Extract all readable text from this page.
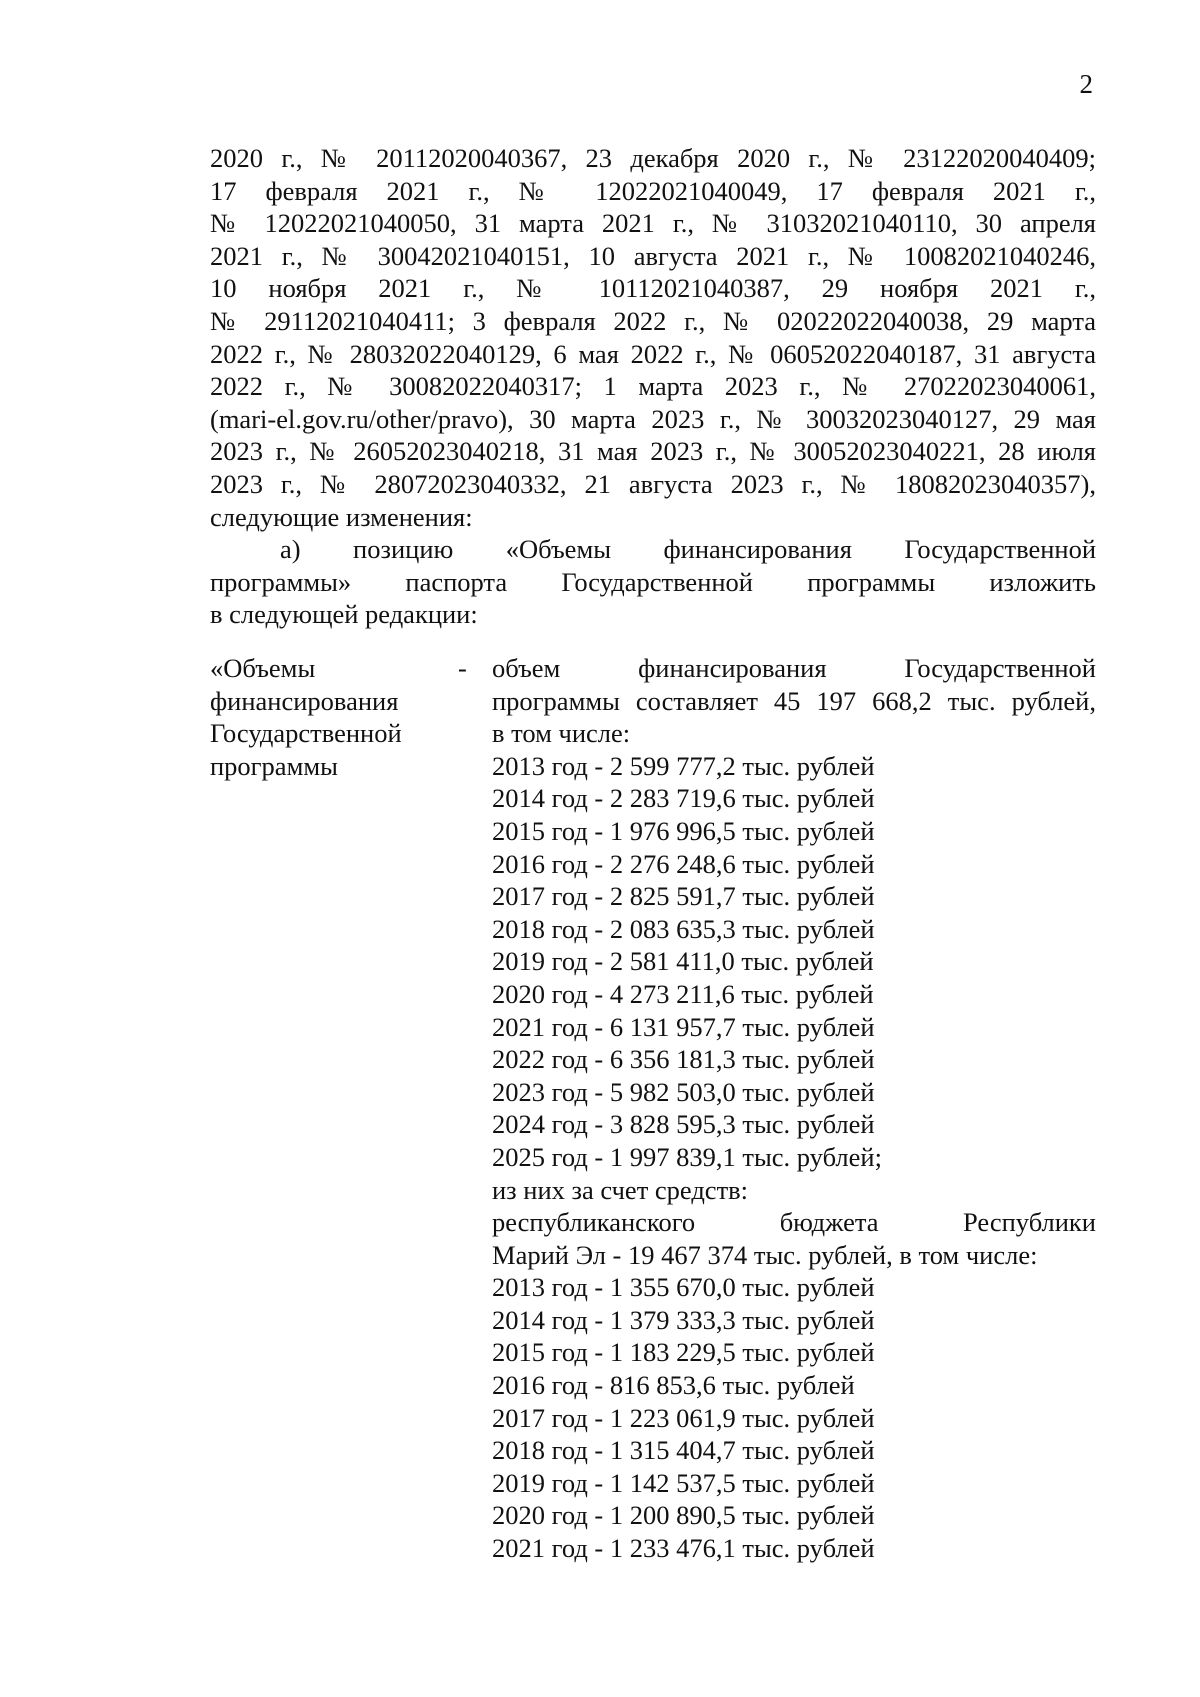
2
2020 г., № 20112020040367, 23 декабря 2020 г., № 23122020040409;
17 февраля 2021 г., № 12022021040049, 17 февраля 2021 г.,
№ 12022021040050, 31 марта 2021 г., № 31032021040110, 30 апреля
2021 г., № 30042021040151, 10 августа 2021 г., № 10082021040246,
10 ноября 2021 г., № 10112021040387, 29 ноября 2021 г.,
№ 29112021040411; 3 февраля 2022 г., № 02022022040038, 29 марта
2022 г., № 28032022040129, 6 мая 2022 г., № 06052022040187, 31 августа
2022 г., № 30082022040317; 1 марта 2023 г., № 27022023040061,
(mari-el.gov.ru/other/pravo), 30 марта 2023 г., № 30032023040127, 29 мая
2023 г., № 26052023040218, 31 мая 2023 г., № 30052023040221, 28 июля
2023 г., № 28072023040332, 21 августа 2023 г., № 18082023040357),
следующие изменения:
а) позицию «Объемы финансирования Государственной
программы» паспорта Государственной программы изложить
в следующей редакции:
«Объемы
финансирования
Государственной
программы
- объем финансирования Государственной
программы составляет 45 197 668,2 тыс. рублей,
в том числе:
2013 год - 2 599 777,2 тыс. рублей
2014 год - 2 283 719,6 тыс. рублей
2015 год - 1 976 996,5 тыс. рублей
2016 год - 2 276 248,6 тыс. рублей
2017 год - 2 825 591,7 тыс. рублей
2018 год - 2 083 635,3 тыс. рублей
2019 год - 2 581 411,0 тыс. рублей
2020 год - 4 273 211,6 тыс. рублей
2021 год - 6 131 957,7 тыс. рублей
2022 год - 6 356 181,3 тыс. рублей
2023 год - 5 982 503,0 тыс. рублей
2024 год - 3 828 595,3 тыс. рублей
2025 год - 1 997 839,1 тыс. рублей;
из них за счет средств:
республиканского бюджета Республики
Марий Эл - 19 467 374 тыс. рублей, в том числе:
2013 год - 1 355 670,0 тыс. рублей
2014 год - 1 379 333,3 тыс. рублей
2015 год - 1 183 229,5 тыс. рублей
2016 год - 816 853,6 тыс. рублей
2017 год - 1 223 061,9 тыс. рублей
2018 год - 1 315 404,7 тыс. рублей
2019 год - 1 142 537,5 тыс. рублей
2020 год - 1 200 890,5 тыс. рублей
2021 год - 1 233 476,1 тыс. рублей
